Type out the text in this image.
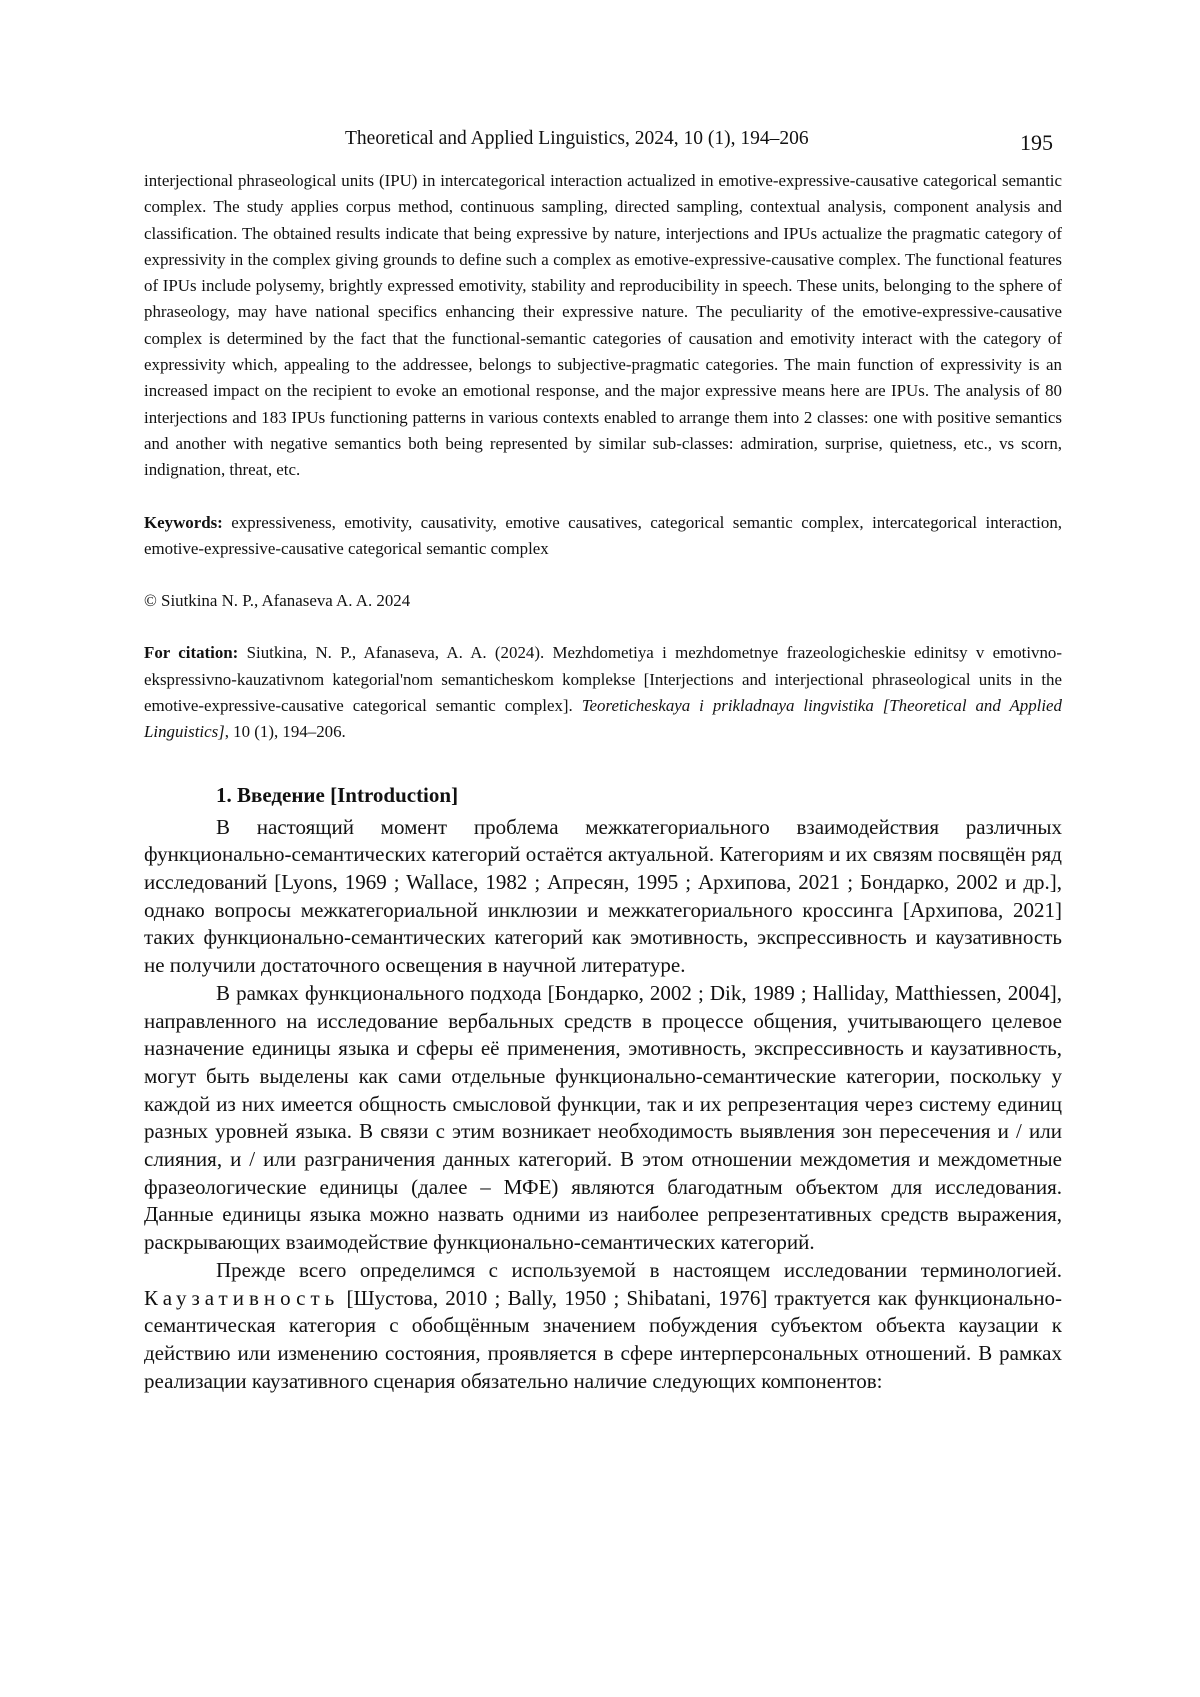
Theoretical and Applied Linguistics, 2024, 10 (1), 194–206	195

interjectional phraseological units (IPU) in intercategorical interaction actualized in emotive-expressive-causative categorical semantic complex. The study applies corpus method, continuous sampling, directed sampling, contextual analysis, component analysis and classification. The obtained results indicate that being expressive by nature, interjections and IPUs actualize the pragmatic category of expressivity in the complex giving grounds to define such a complex as emotive-expressive-causative complex. The functional features of IPUs include polysemy, brightly expressed emotivity, stability and reproducibility in speech. These units, belonging to the sphere of phraseology, may have national specifics enhancing their expressive nature. The peculiarity of the emotive-expressive-causative complex is determined by the fact that the functional-semantic categories of causation and emotivity interact with the category of expressivity which, appealing to the addressee, belongs to subjective-pragmatic categories. The main function of expressivity is an increased impact on the recipient to evoke an emotional response, and the major expressive means here are IPUs. The analysis of 80 interjections and 183 IPUs functioning patterns in various contexts enabled to arrange them into 2 classes: one with positive semantics and another with negative semantics both being represented by similar sub-classes: admiration, surprise, quietness, etc., vs scorn, indignation, threat, etc.

Keywords: expressiveness, emotivity, causativity, emotive causatives, categorical semantic complex, intercategorical interaction, emotive-expressive-causative categorical semantic complex

© Siutkina N. P., Afanaseva A. A. 2024

For citation: Siutkina, N. P., Afanaseva, A. A. (2024). Mezhdometiya i mezhdometnye frazeologicheskie edinitsy v emotivno-ekspressivno-kauzativnom kategorial'nom semanticheskom komplekse [Interjections and interjectional phraseological units in the emotive-expressive-causative categorical semantic complex]. Teoreticheskaya i prikladnaya lingvistika [Theoretical and Applied Linguistics], 10 (1), 194–206.

1. Введение [Introduction]

В настоящий момент проблема межкатегориального взаимодействия различных функционально-семантических категорий остаётся актуальной. Категориям и их связям посвящён ряд исследований [Lyons, 1969 ; Wallace, 1982 ; Апресян, 1995 ; Архипова, 2021 ; Бондарко, 2002 и др.], однако вопросы межкатегориальной инклюзии и межкатегориального кроссинга [Архипова, 2021] таких функционально-семантических категорий как эмотивность, экспрессивность и каузативность не получили достаточного освещения в научной литературе.

В рамках функционального подхода [Бондарко, 2002 ; Dik, 1989 ; Halliday, Matthiessen, 2004], направленного на исследование вербальных средств в процессе общения, учитывающего целевое назначение единицы языка и сферы её применения, эмотивность, экспрессивность и каузативность, могут быть выделены как сами отдельные функционально-семантические категории, поскольку у каждой из них имеется общность смысловой функции, так и их репрезентация через систему единиц разных уровней языка. В связи с этим возникает необходимость выявления зон пересечения и / или слияния, и / или разграничения данных категорий. В этом отношении междометия и междометные фразеологические единицы (далее – МФЕ) являются благодатным объектом для исследования. Данные единицы языка можно назвать одними из наиболее репрезентативных средств выражения, раскрывающих взаимодействие функционально-семантических категорий.

Прежде всего определимся с используемой в настоящем исследовании терминологией. Каузативность [Шустова, 2010 ; Bally, 1950 ; Shibatani, 1976] трактуется как функционально-семантическая категория с обобщённым значением побуждения субъектом объекта каузации к действию или изменению состояния, проявляется в сфере интерперсональных отношений. В рамках реализации каузативного сценария обязательно наличие следующих компонентов:
